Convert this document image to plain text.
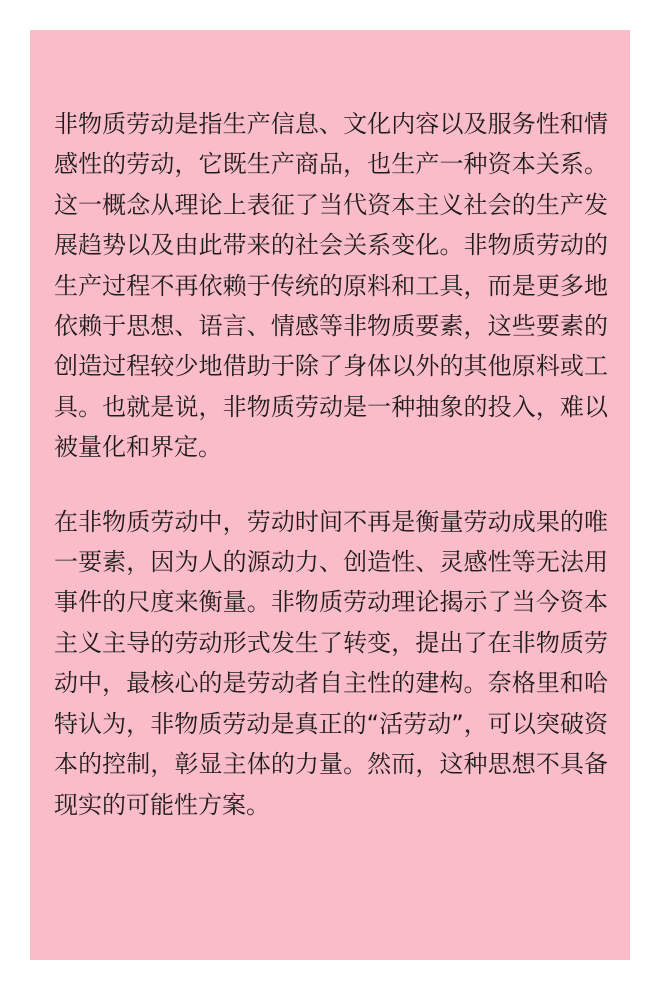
非物质劳动是指生产信息、文化内容以及服务性和情感性的劳动，它既生产商品，也生产一种资本关系。这一概念从理论上表征了当代资本主义社会的生产发展趋势以及由此带来的社会关系变化。非物质劳动的生产过程不再依赖于传统的原料和工具，而是更多地依赖于思想、语言、情感等非物质要素，这些要素的创造过程较少地借助于除了身体以外的其他原料或工具。也就是说，非物质劳动是一种抽象的投入，难以被量化和界定。

在非物质劳动中，劳动时间不再是衡量劳动成果的唯一要素，因为人的源动力、创造性、灵感性等无法用事件的尺度来衡量。非物质劳动理论揭示了当今资本主义主导的劳动形式发生了转变，提出了在非物质劳动中，最核心的是劳动者自主性的建构。奈格里和哈特认为，非物质劳动是真正的“活劳动”，可以突破资本的控制，彰显主体的力量。然而，这种思想不具备现实的可能性方案。
